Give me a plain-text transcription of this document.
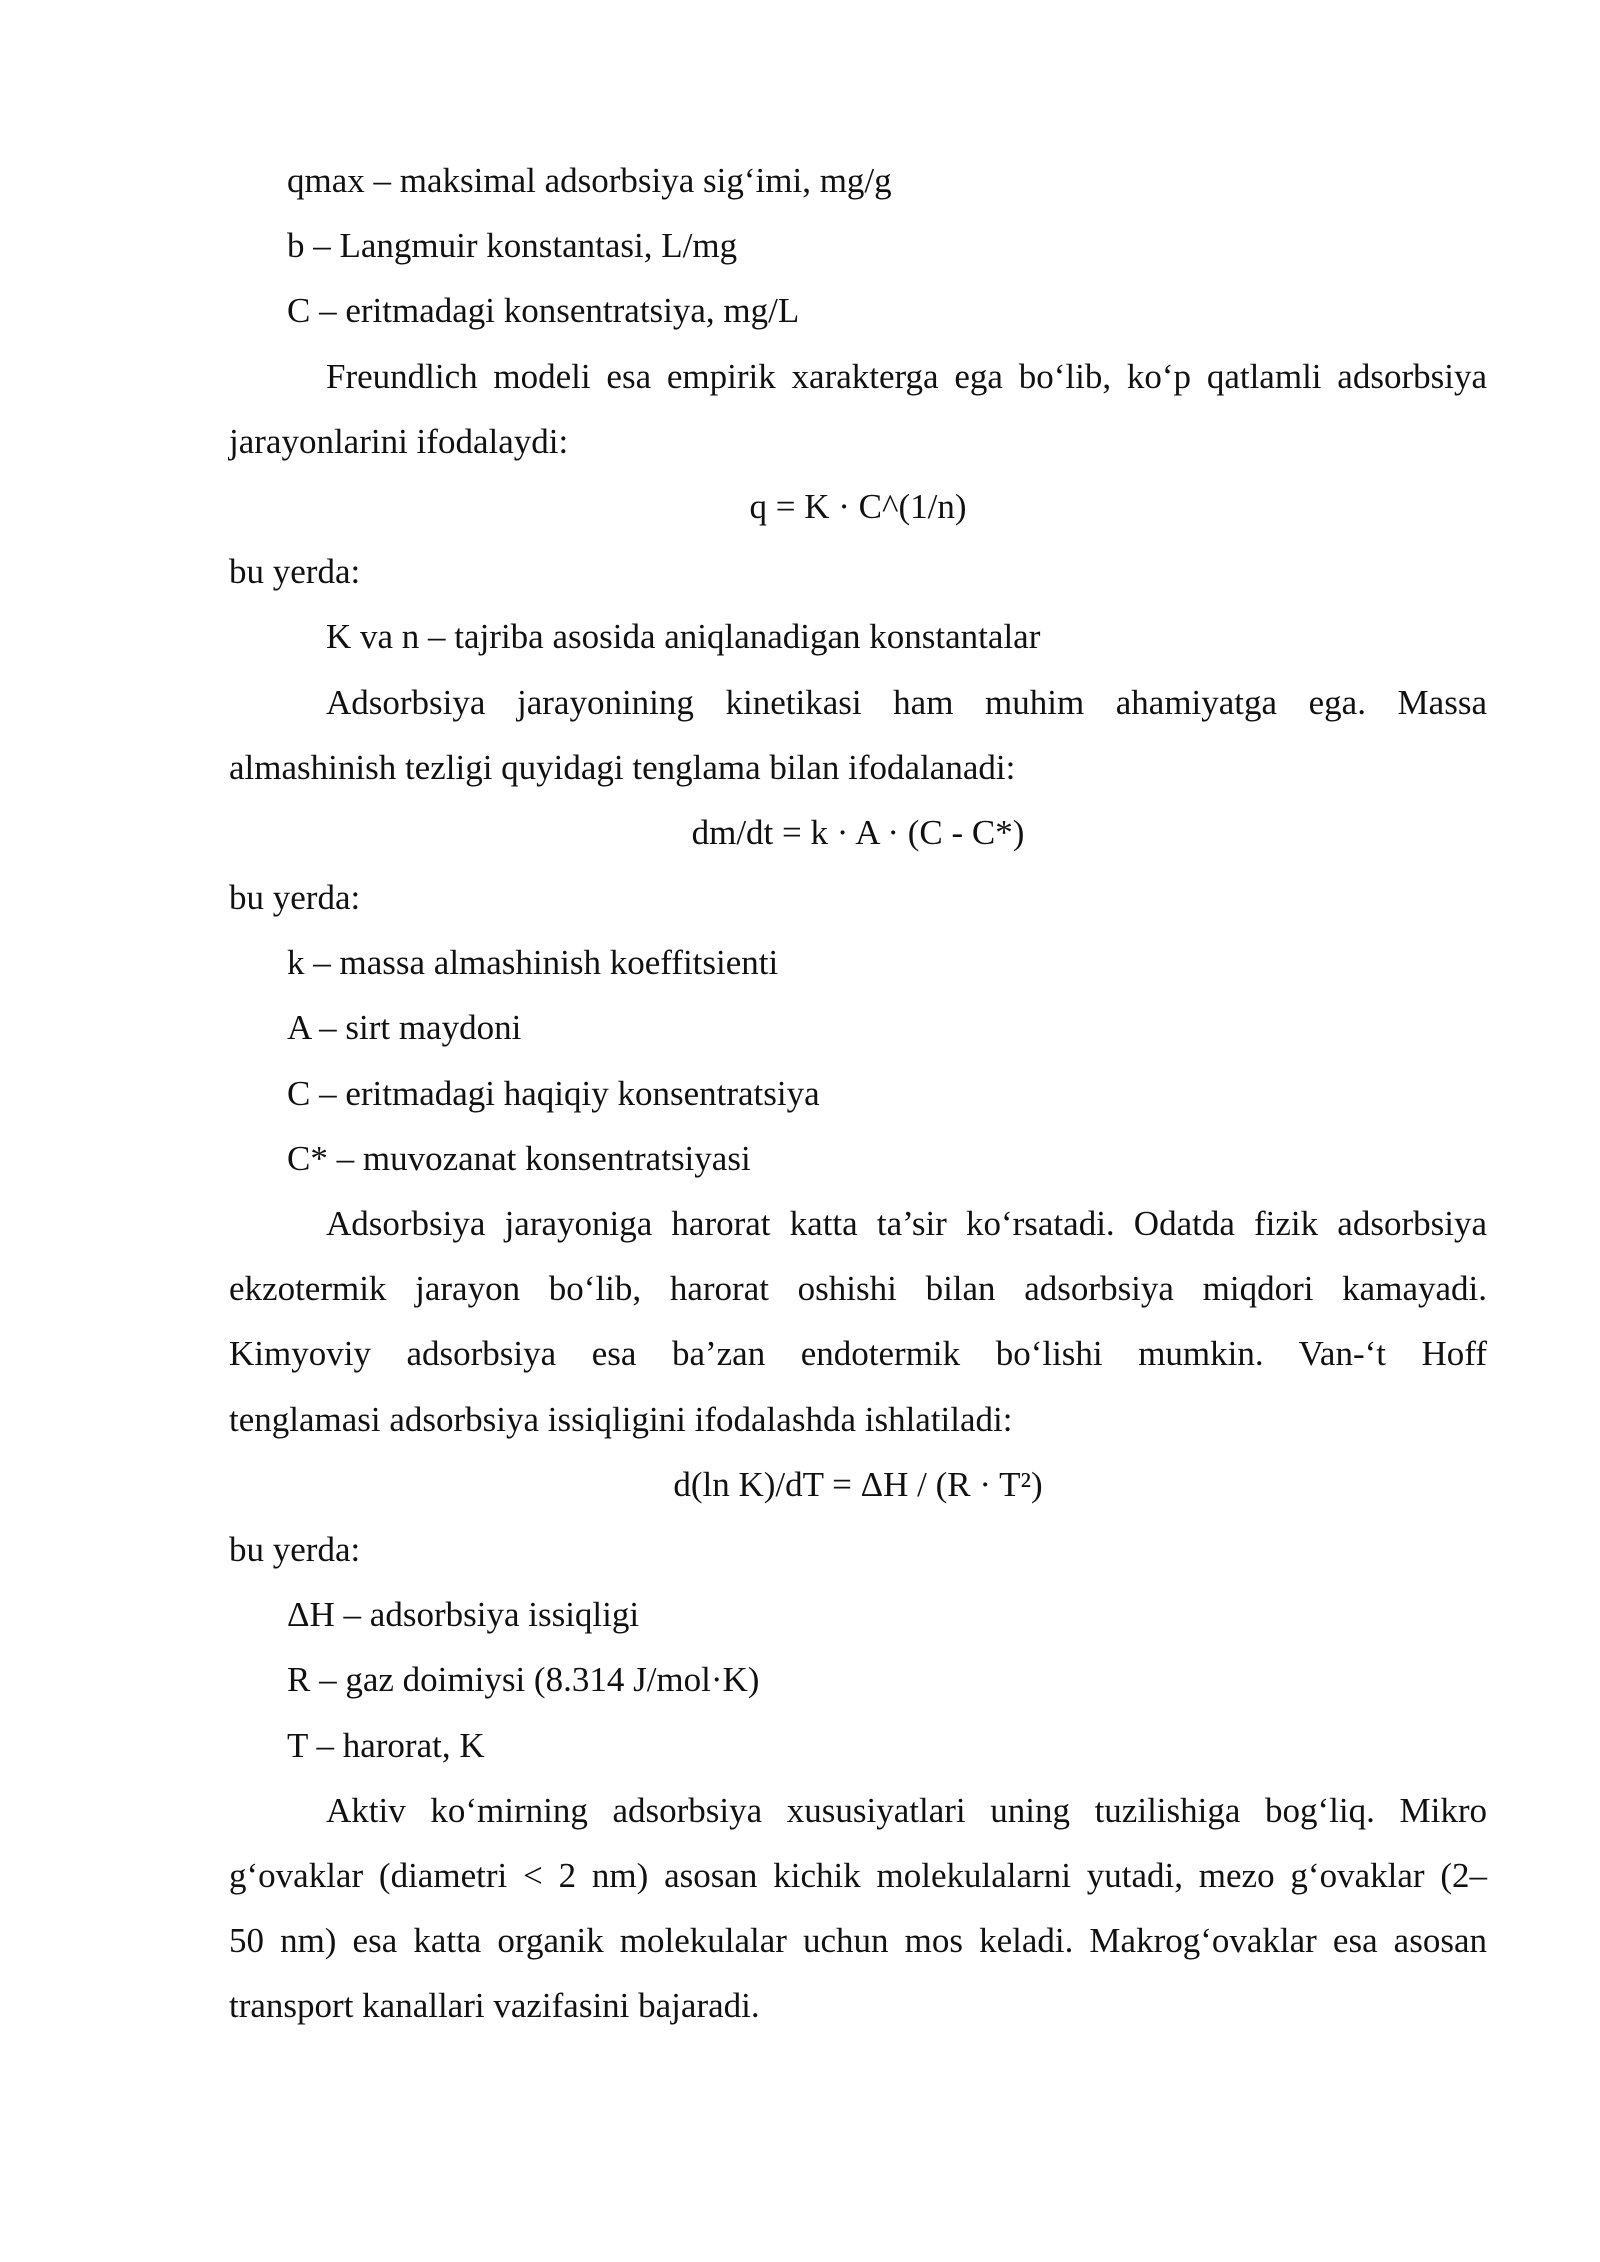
qmax – maksimal adsorbsiya sig‘imi, mg/g
b – Langmuir konstantasi, L/mg
C – eritmadagi konsentratsiya, mg/L
Freundlich modeli esa empirik xarakterga ega bo‘lib, ko‘p qatlamli adsorbsiya
jarayonlarini ifodalaydi:
q = K · C^(1/n)
bu yerda:
K va n – tajriba asosida aniqlanadigan konstantalar
Adsorbsiya jarayonining kinetikasi ham muhim ahamiyatga ega. Massa
almashinish tezligi quyidagi tenglama bilan ifodalanadi:
dm/dt = k · A · (C - C*)
bu yerda:
k – massa almashinish koeffitsienti
A – sirt maydoni
C – eritmadagi haqiqiy konsentratsiya
C* – muvozanat konsentratsiyasi
Adsorbsiya jarayoniga harorat katta ta’sir ko‘rsatadi. Odatda fizik adsorbsiya
ekzotermik jarayon bo‘lib, harorat oshishi bilan adsorbsiya miqdori kamayadi.
Kimyoviy adsorbsiya esa ba’zan endotermik bo‘lishi mumkin. Van-‘t Hoff
tenglamasi adsorbsiya issiqligini ifodalashda ishlatiladi:
d(ln K)/dT = ΔH / (R · T²)
bu yerda:
ΔH – adsorbsiya issiqligi
R – gaz doimiysi (8.314 J/mol·K)
T – harorat, K
Aktiv ko‘mirning adsorbsiya xususiyatlari uning tuzilishiga bog‘liq. Mikro
g‘ovaklar (diametri < 2 nm) asosan kichik molekulalarni yutadi, mezo g‘ovaklar (2–
50 nm) esa katta organik molekulalar uchun mos keladi. Makrog‘ovaklar esa asosan
transport kanallari vazifasini bajaradi.
